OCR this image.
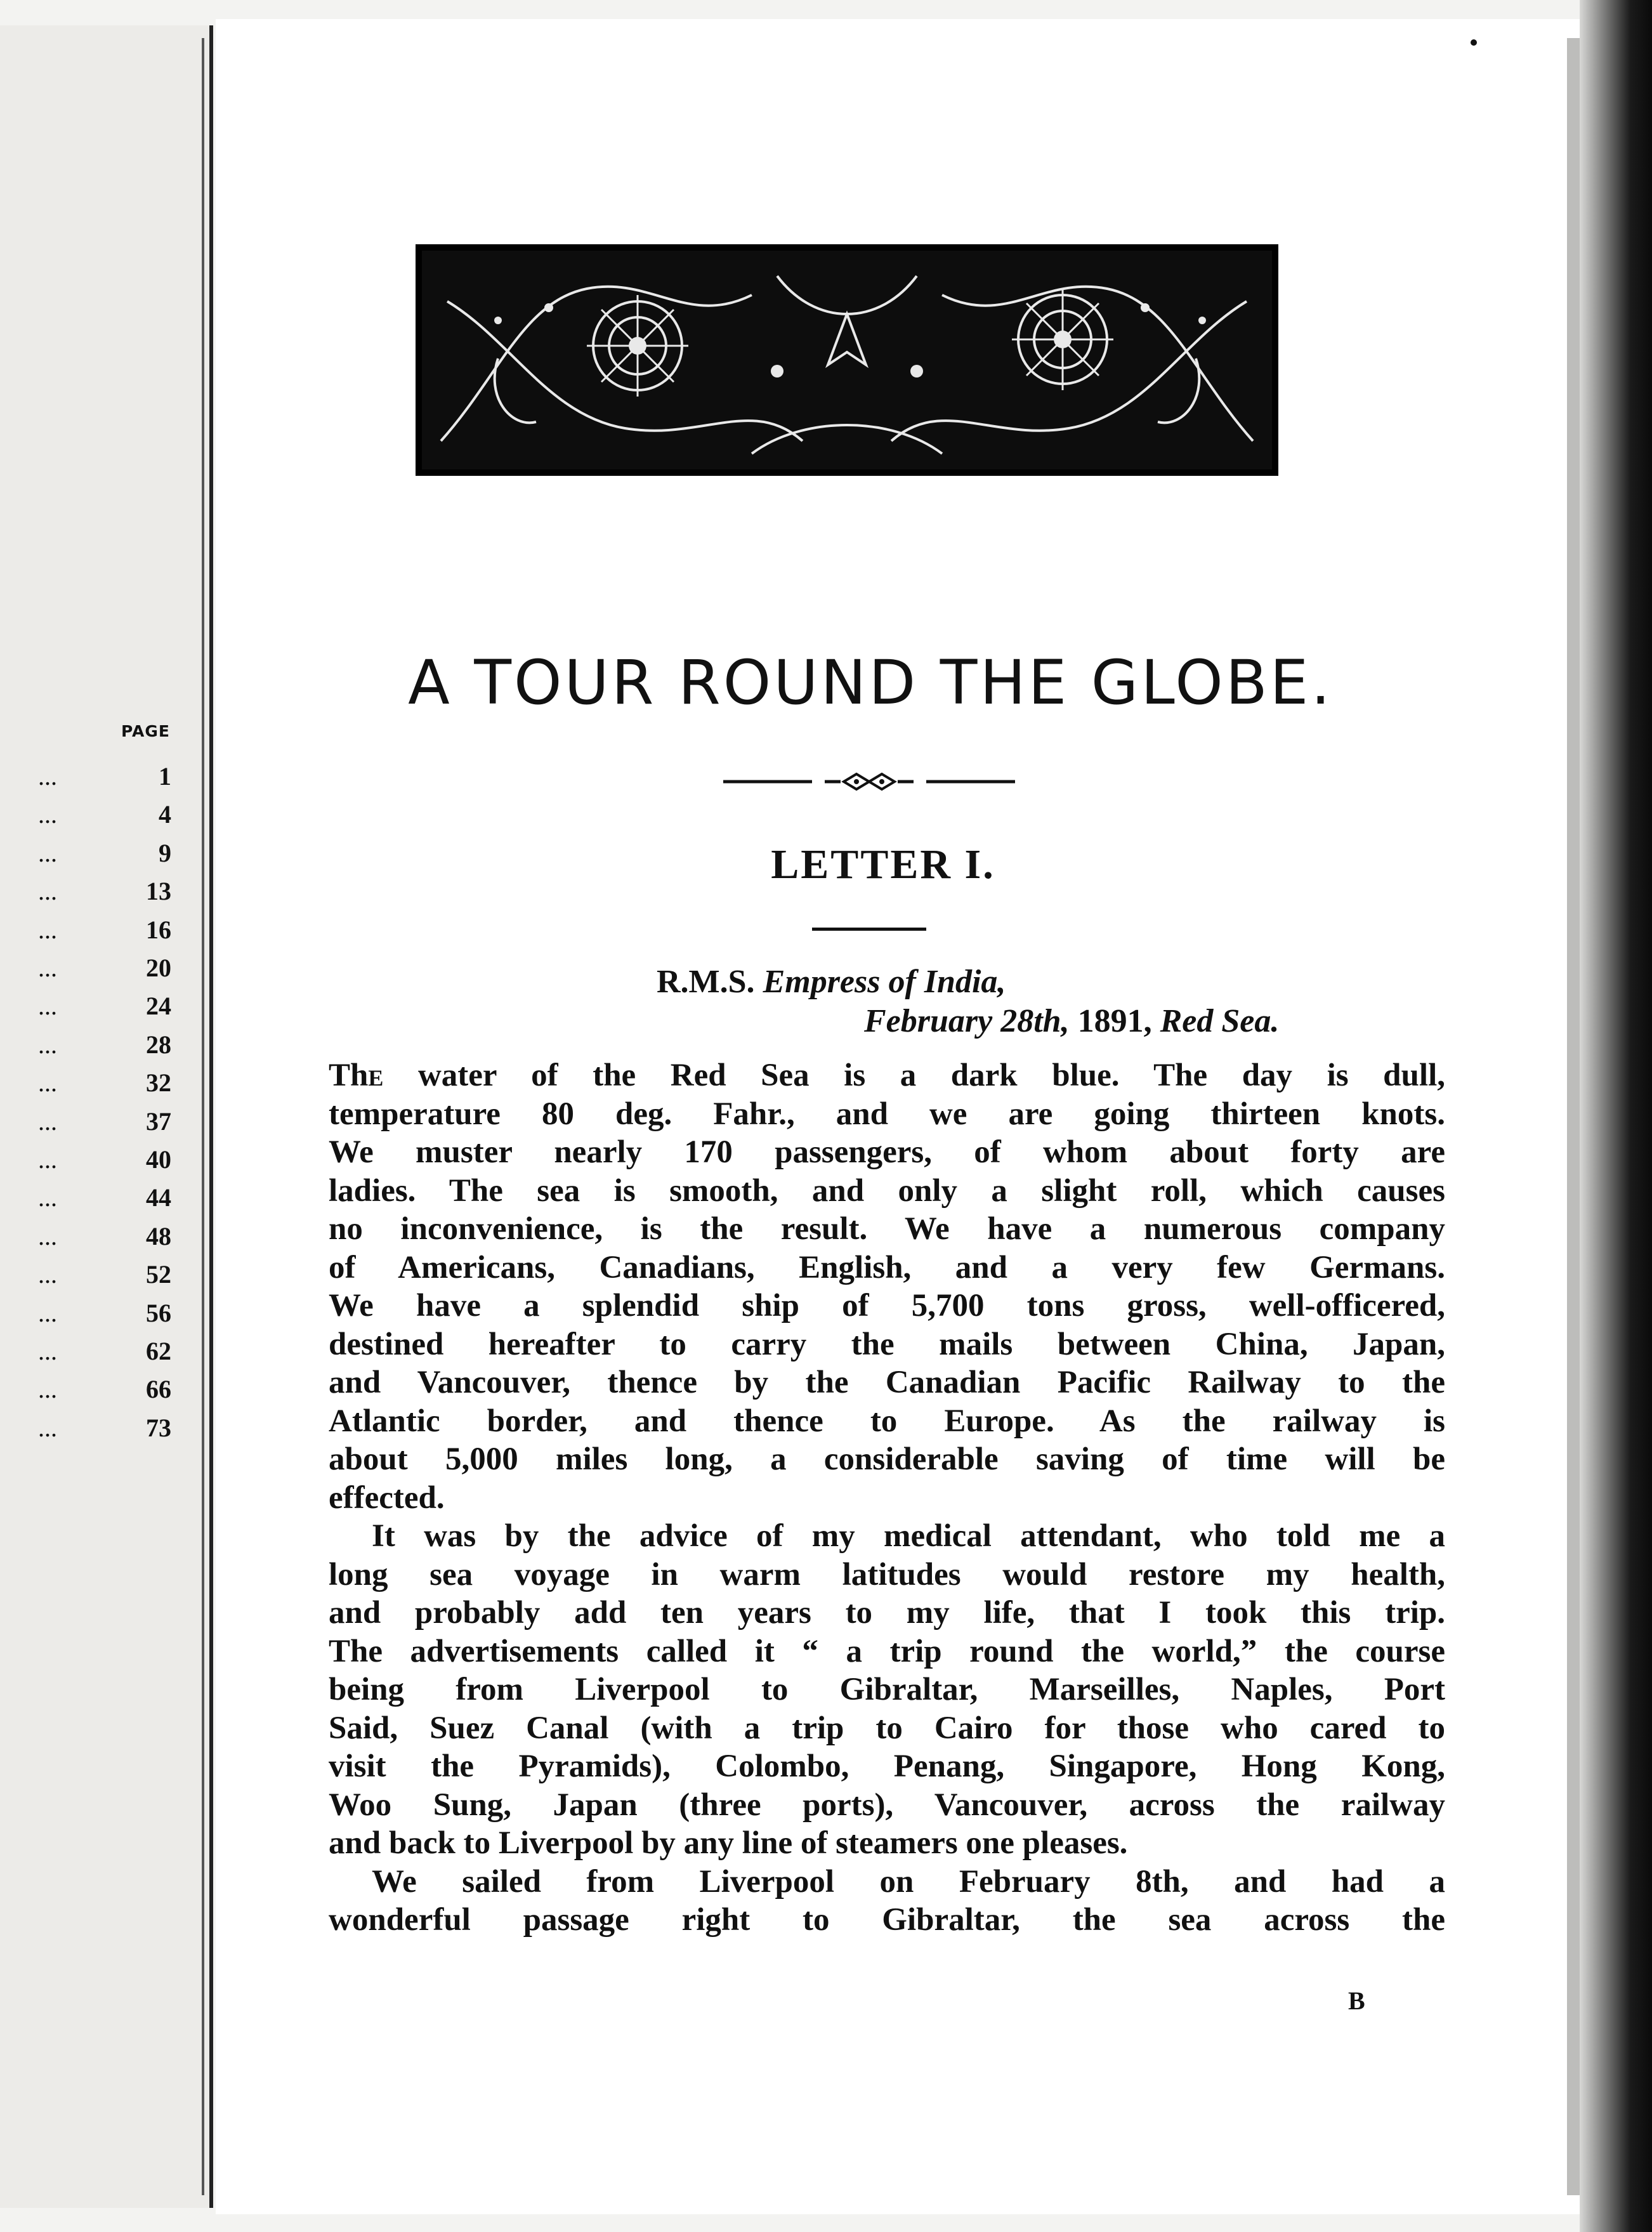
PAGE
...	1
...	4
...	9
...	13
...	16
...	20
...	24
...	28
...	32
...	37
...	40
...	44
...	48
...	52
...	56
...	62
...	66
...	73
A TOUR ROUND THE GLOBE.
LETTER I.
R.M.S. Empress of India,
February 28th, 1891, Red Sea.
The water of the Red Sea is a dark blue. The day is dull,
temperature 80 deg. Fahr., and we are going thirteen knots.
We muster nearly 170 passengers, of whom about forty are
ladies. The sea is smooth, and only a slight roll, which causes
no inconvenience, is the result. We have a numerous company
of Americans, Canadians, English, and a very few Germans.
We have a splendid ship of 5,700 tons gross, well-officered,
destined hereafter to carry the mails between China, Japan,
and Vancouver, thence by the Canadian Pacific Railway to the
Atlantic border, and thence to Europe. As the railway is
about 5,000 miles long, a considerable saving of time will be
effected.
It was by the advice of my medical attendant, who told me a
long sea voyage in warm latitudes would restore my health,
and probably add ten years to my life, that I took this trip.
The advertisements called it “ a trip round the world,” the course
being from Liverpool to Gibraltar, Marseilles, Naples, Port
Said, Suez Canal (with a trip to Cairo for those who cared to
visit the Pyramids), Colombo, Penang, Singapore, Hong Kong,
Woo Sung, Japan (three ports), Vancouver, across the railway
and back to Liverpool by any line of steamers one pleases.
We sailed from Liverpool on February 8th, and had a
wonderful passage right to Gibraltar, the sea across the
B
